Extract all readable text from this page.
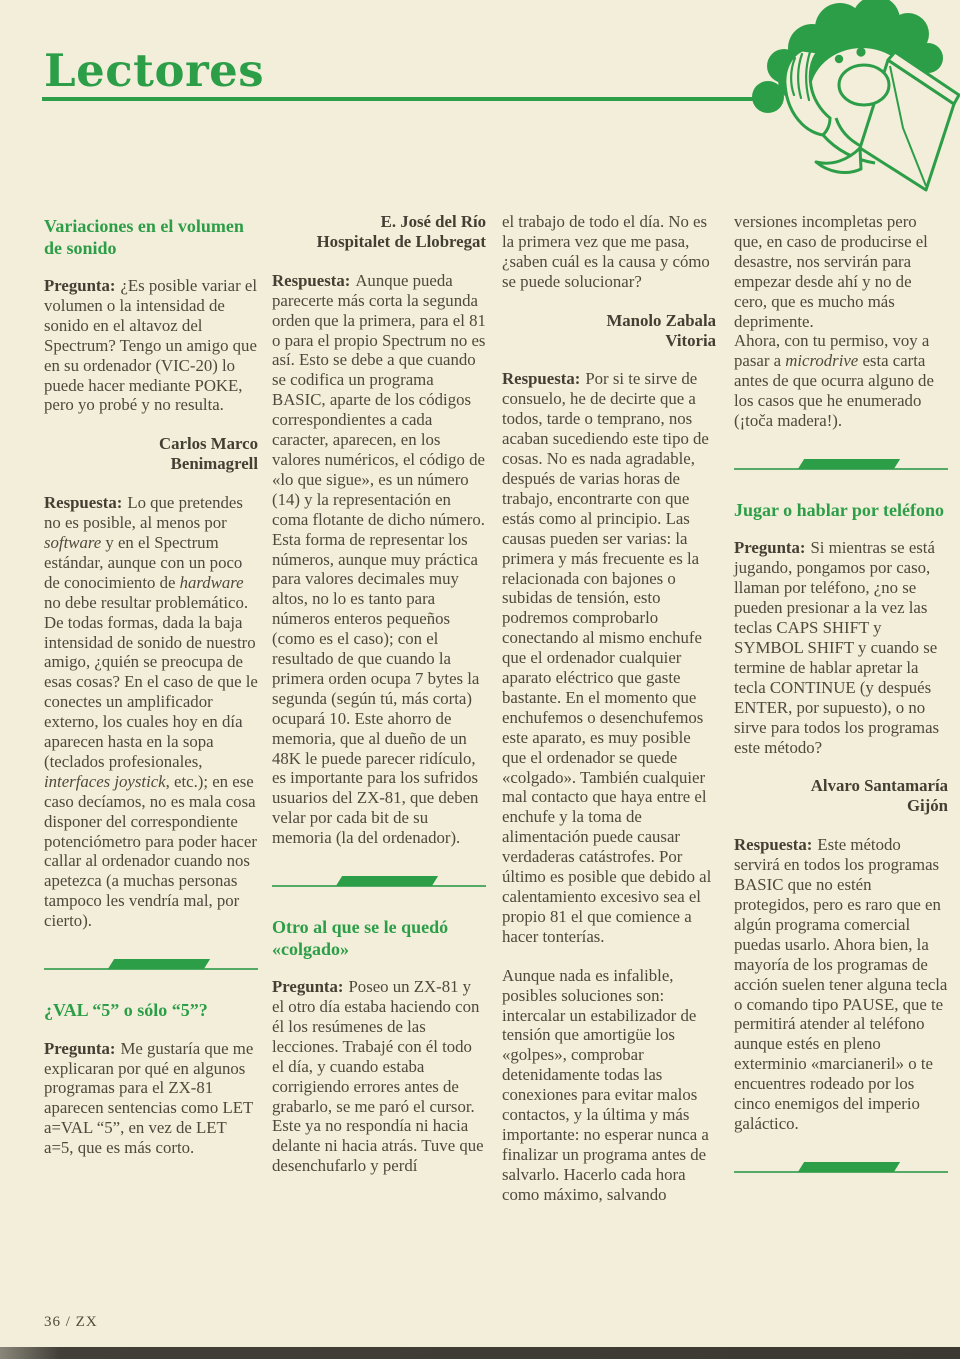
Lectores
Variaciones en el volumen de sonido

Pregunta: ¿Es posible variar el volumen o la intensidad de sonido en el altavoz del Spectrum? Tengo un amigo que en su ordenador (VIC-20) lo puede hacer mediante POKE, pero yo probé y no resulta.

Carlos Marco
Benimagrell

Respuesta: Lo que pretendes no es posible, al menos por software y en el Spectrum estándar, aunque con un poco de conocimiento de hardware no debe resultar problemático. De todas formas, dada la baja intensidad de sonido de nuestro amigo, ¿quién se preocupa de esas cosas? En el caso de que le conectes un amplificador externo, los cuales hoy en día aparecen hasta en la sopa (teclados profesionales, interfaces joystick, etc.); en ese caso decíamos, no es mala cosa disponer del correspondiente potenciómetro para poder hacer callar al ordenador cuando nos apetezca (a muchas personas tampoco les vendría mal, por cierto).

¿VAL “5” o sólo “5”?

Pregunta: Me gustaría que me explicaran por qué en algunos programas para el ZX-81 aparecen sentencias como LET a=VAL “5”, en vez de LET a=5, que es más corto.

E. José del Río
Hospitalet de Llobregat

Respuesta: Aunque pueda parecerte más corta la segunda orden que la primera, para el 81 o para el propio Spectrum no es así. Esto se debe a que cuando se codifica un programa BASIC, aparte de los códigos correspondientes a cada caracter, aparecen, en los valores numéricos, el código de «lo que sigue», es un número (14) y la representación en coma flotante de dicho número. Esta forma de representar los números, aunque muy práctica para valores decimales muy altos, no lo es tanto para números enteros pequeños (como es el caso); con el resultado de que cuando la primera orden ocupa 7 bytes la segunda (según tú, más corta) ocupará 10. Este ahorro de memoria, que al dueño de un 48K le puede parecer ridículo, es importante para los sufridos usuarios del ZX-81, que deben velar por cada bit de su memoria (la del ordenador).

Otro al que se le quedó «colgado»

Pregunta: Poseo un ZX-81 y el otro día estaba haciendo con él los resúmenes de las lecciones. Trabajé con él todo el día, y cuando estaba corrigiendo errores antes de grabarlo, se me paró el cursor. Este ya no respondía ni hacia delante ni hacia atrás. Tuve que desenchufarlo y perdí

el trabajo de todo el día. No es la primera vez que me pasa, ¿saben cuál es la causa y cómo se puede solucionar?

Manolo Zabala
Vitoria

Respuesta: Por si te sirve de consuelo, he de decirte que a todos, tarde o temprano, nos acaban sucediendo este tipo de cosas. No es nada agradable, después de varias horas de trabajo, encontrarte con que estás como al principio. Las causas pueden ser varias: la primera y más frecuente es la relacionada con bajones o subidas de tensión, esto podremos comprobarlo conectando al mismo enchufe que el ordenador cualquier aparato eléctrico que gaste bastante. En el momento que enchufemos o desenchufemos este aparato, es muy posible que el ordenador se quede «colgado». También cualquier mal contacto que haya entre el enchufe y la toma de alimentación puede causar verdaderas catástrofes. Por último es posible que debido al calentamiento excesivo sea el propio 81 el que comience a hacer tonterías.

Aunque nada es infalible, posibles soluciones son: intercalar un estabilizador de tensión que amortigüe los «golpes», comprobar detenidamente todas las conexiones para evitar malos contactos, y la última y más importante: no esperar nunca a finalizar un programa antes de salvarlo. Hacerlo cada hora como máximo, salvando

versiones incompletas pero que, en caso de producirse el desastre, nos servirán para empezar desde ahí y no de cero, que es mucho más deprimente.

Ahora, con tu permiso, voy a pasar a microdrive esta carta antes de que ocurra alguno de los casos que he enumerado (¡toča madera!).

Jugar o hablar por teléfono

Pregunta: Si mientras se está jugando, pongamos por caso, llaman por teléfono, ¿no se pueden presionar a la vez las teclas CAPS SHIFT y SYMBOL SHIFT y cuando se termine de hablar apretar la tecla CONTINUE (y después ENTER, por supuesto), o no sirve para todos los programas este método?

Alvaro Santamaría
Gijón

Respuesta: Este método servirá en todos los programas BASIC que no estén protegidos, pero es raro que en algún programa comercial puedas usarlo. Ahora bien, la mayoría de los programas de acción suelen tener alguna tecla o comando tipo PAUSE, que te permitirá atender al teléfono aunque estés en pleno exterminio «marcianeril» o te encuentres rodeado por los cinco enemigos del imperio galáctico.

36 / ZX
